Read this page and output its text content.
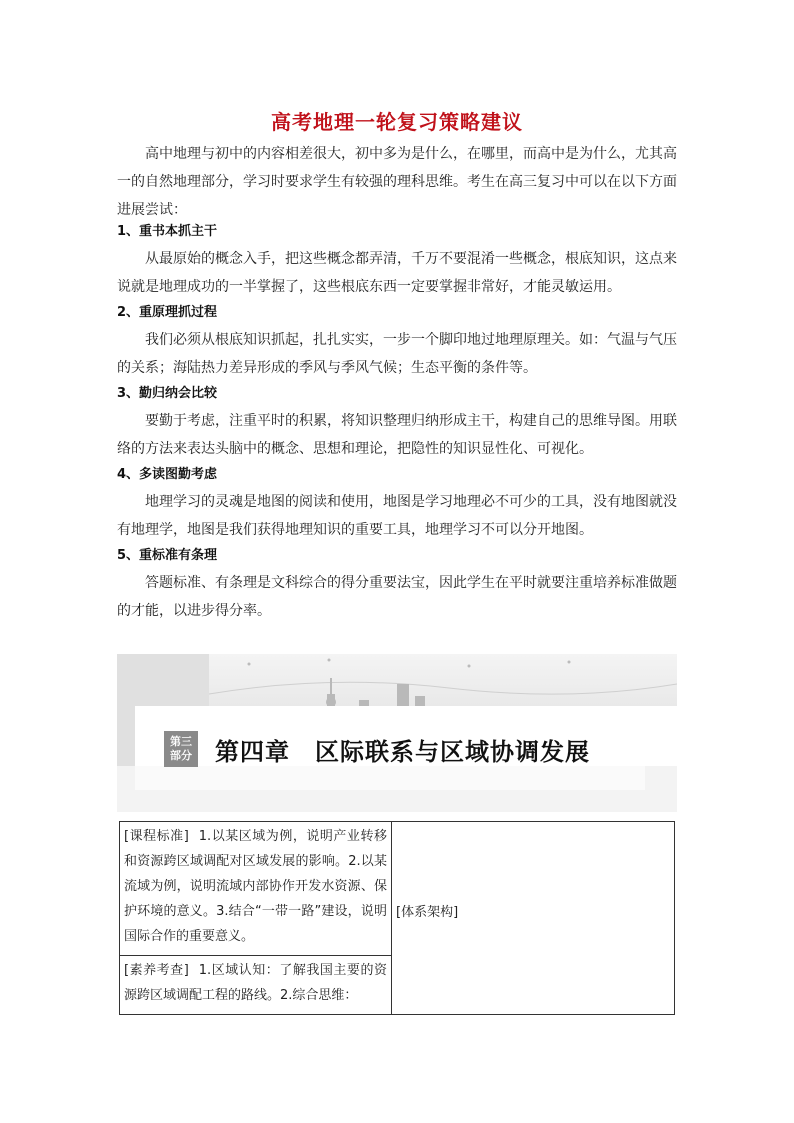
高考地理一轮复习策略建议
高中地理与初中的内容相差很大，初中多为是什么，在哪里，而高中是为什么，尤其高一的自然地理部分，学习时要求学生有较强的理科思维。考生在高三复习中可以在以下方面进展尝试：
1、重书本抓主干
从最原始的概念入手，把这些概念都弄清，千万不要混淆一些概念，根底知识，这点来说就是地理成功的一半掌握了，这些根底东西一定要掌握非常好，才能灵敏运用。
2、重原理抓过程
我们必须从根底知识抓起，扎扎实实，一步一个脚印地过地理原理关。如：气温与气压的关系；海陆热力差异形成的季风与季风气候；生态平衡的条件等。
3、勤归纳会比较
要勤于考虑，注重平时的积累，将知识整理归纳形成主干，构建自己的思维导图。用联络的方法来表达头脑中的概念、思想和理论，把隐性的知识显性化、可视化。
4、多读图勤考虑
地理学习的灵魂是地图的阅读和使用，地图是学习地理必不可少的工具，没有地图就没有地理学，地图是我们获得地理知识的重要工具，地理学习不可以分开地图。
5、重标准有条理
答题标准、有条理是文科综合的得分重要法宝，因此学生在平时就要注重培养标准做题的才能，以进步得分率。
第三
部分 第四章　区际联系与区域协调发展
[课程标准] 1.以某区域为例，说明产业转移和资源跨区域调配对区域发展的影响。2.以某流域为例，说明流域内部协作开发水资源、保护环境的意义。3.结合“一带一路”建设，说明国际合作的重要意义。
[素养考查] 1.区域认知：了解我国主要的资源跨区域调配工程的路线。2.综合思维：
[体系架构]
